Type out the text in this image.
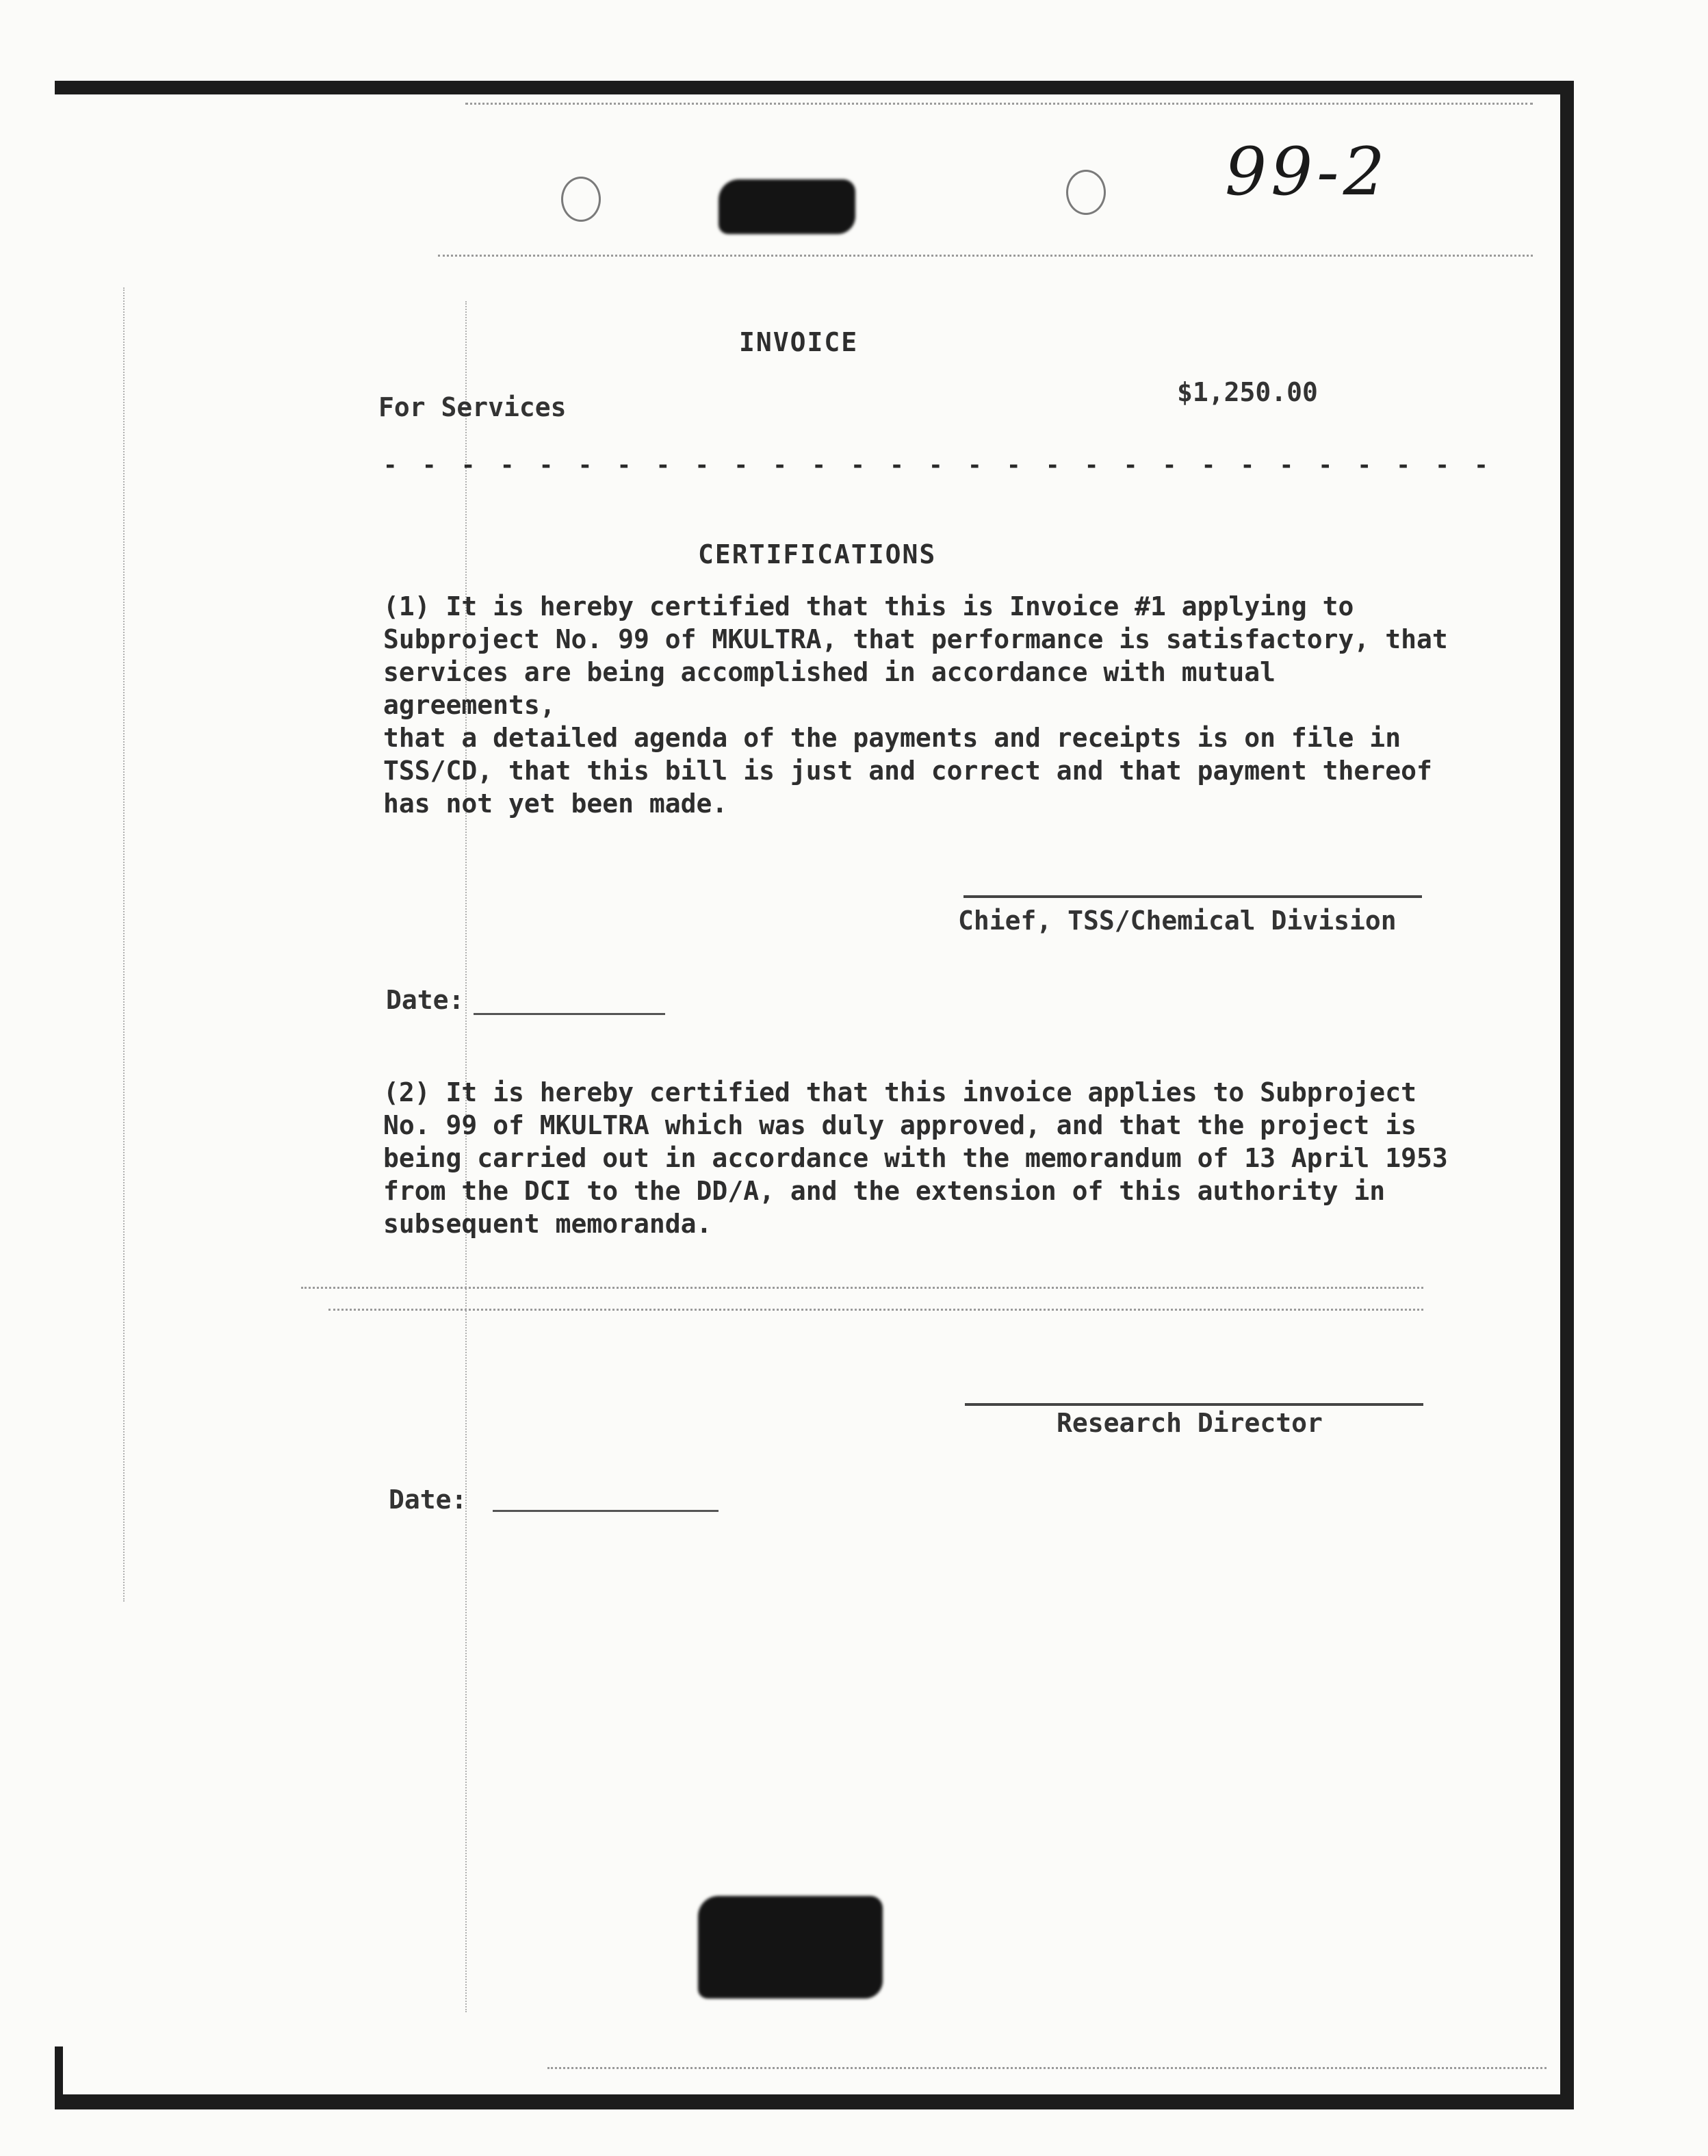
99-2
INVOICE
For Services	$1,250.00
- - - - - - - - - - - - - - - - - - - - - - - - - - - - -
CERTIFICATIONS
(1) It is hereby certified that this is Invoice #1 applying to
Subproject No. 99 of MKULTRA, that performance is satisfactory, that
services are being accomplished in accordance with mutual agreements,
that a detailed agenda of the payments and receipts is on file in
TSS/CD, that this bill is just and correct and that payment thereof
has not yet been made.
Chief, TSS/Chemical Division
Date:
(2) It is hereby certified that this invoice applies to Subproject
No. 99 of MKULTRA which was duly approved, and that the project is
being carried out in accordance with the memorandum of 13 April 1953
from the DCI to the DD/A, and the extension of this authority in
subsequent memoranda.
Research Director
Date:
